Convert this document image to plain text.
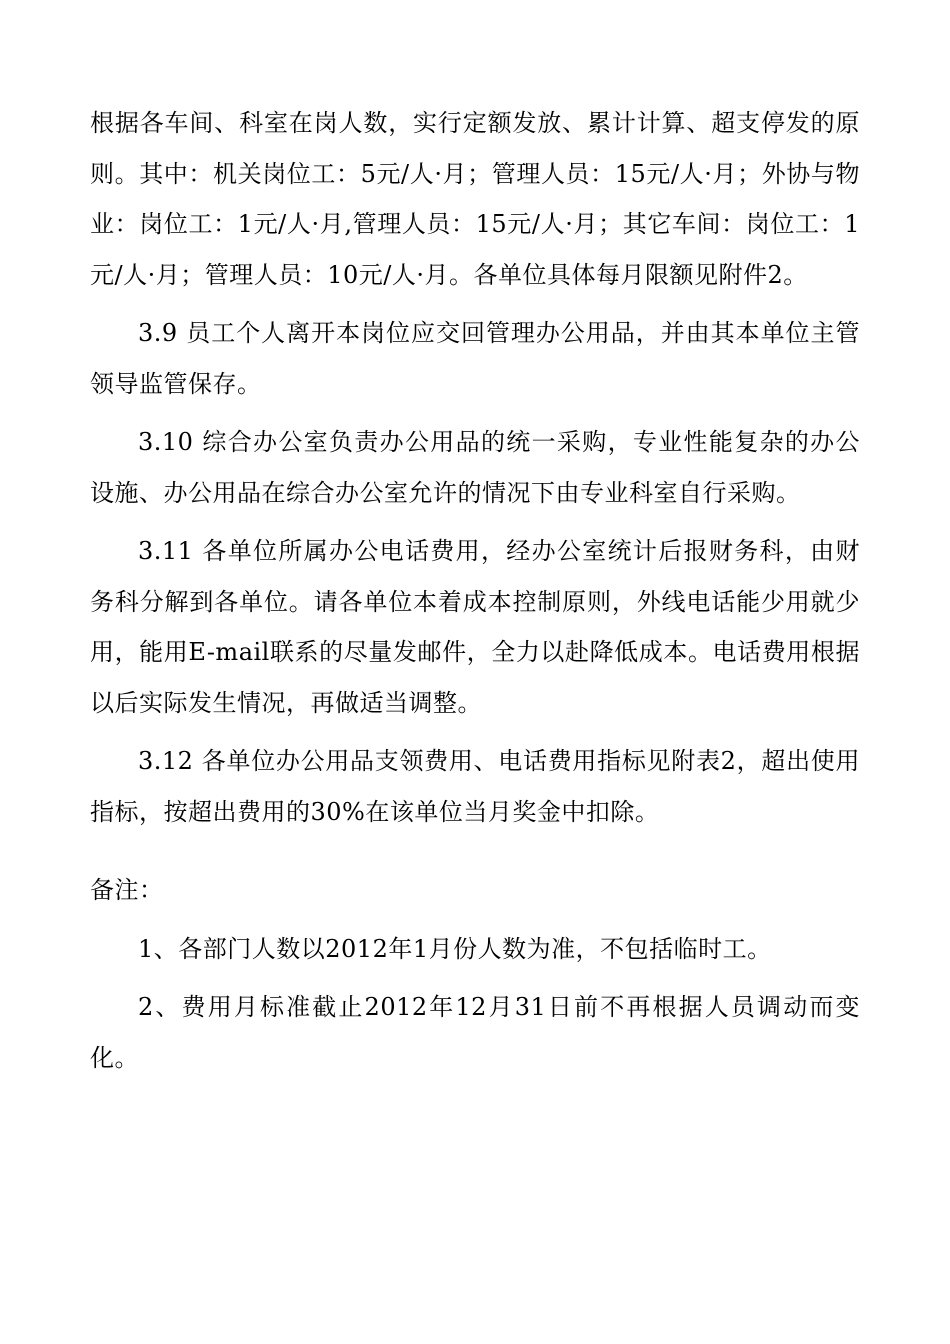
根据各车间、科室在岗人数，实行定额发放、累计计算、超支停发的原则。其中：机关岗位工：5元/人·月；管理人员：15元/人·月；外协与物业：岗位工：1元/人·月,管理人员：15元/人·月；其它车间：岗位工：1元/人·月；管理人员：10元/人·月。各单位具体每月限额见附件2。

3.9 员工个人离开本岗位应交回管理办公用品，并由其本单位主管领导监管保存。

3.10 综合办公室负责办公用品的统一采购，专业性能复杂的办公设施、办公用品在综合办公室允许的情况下由专业科室自行采购。

3.11 各单位所属办公电话费用，经办公室统计后报财务科，由财务科分解到各单位。请各单位本着成本控制原则，外线电话能少用就少用，能用E-mail联系的尽量发邮件，全力以赴降低成本。电话费用根据以后实际发生情况，再做适当调整。

3.12 各单位办公用品支领费用、电话费用指标见附表2，超出使用指标，按超出费用的30%在该单位当月奖金中扣除。

备注：

1、各部门人数以2012年1月份人数为准，不包括临时工。

2、费用月标准截止2012年12月31日前不再根据人员调动而变化。
